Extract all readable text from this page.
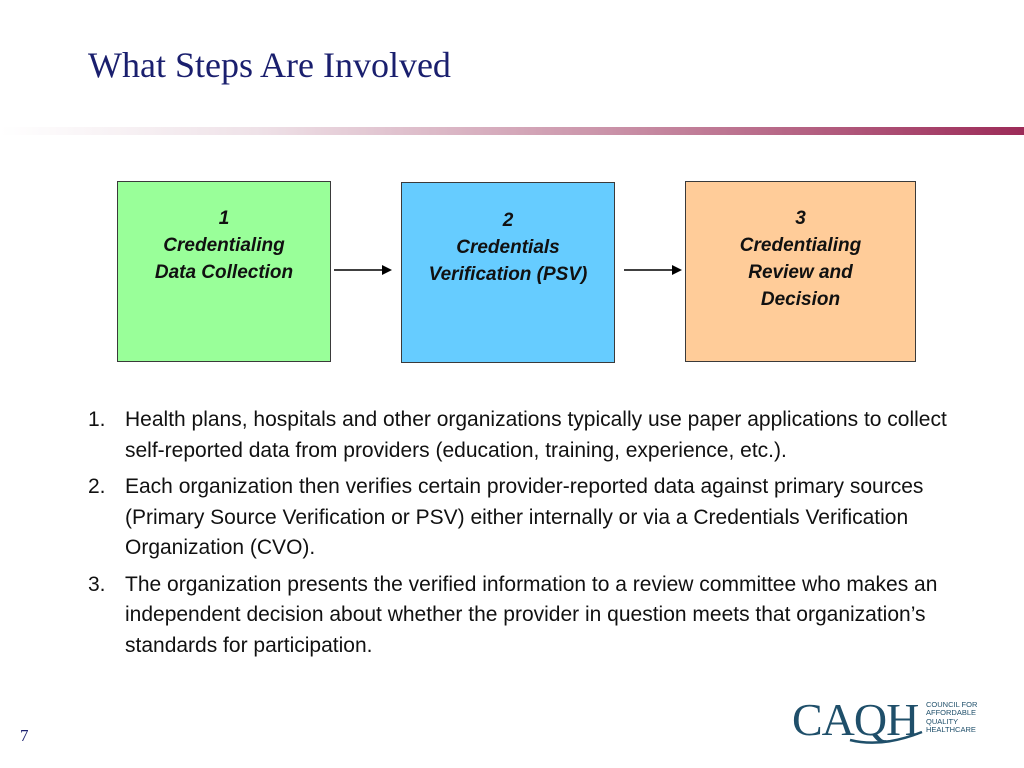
What Steps Are Involved
1
Credentialing
Data Collection
2
Credentials
Verification (PSV)
3
Credentialing
Review and
Decision
1. Health plans, hospitals and other organizations typically use paper applications to collect self-reported data from providers (education, training, experience, etc.).
2. Each organization then verifies certain provider-reported data against primary sources (Primary Source Verification or PSV) either internally or via a Credentials Verification Organization (CVO).
3. The organization presents the verified information to a review committee who makes an independent decision about whether the provider in question meets that organization’s standards for participation.
7	CAQH COUNCIL FOR
AFFORDABLE
QUALITY
HEALTHCARE
